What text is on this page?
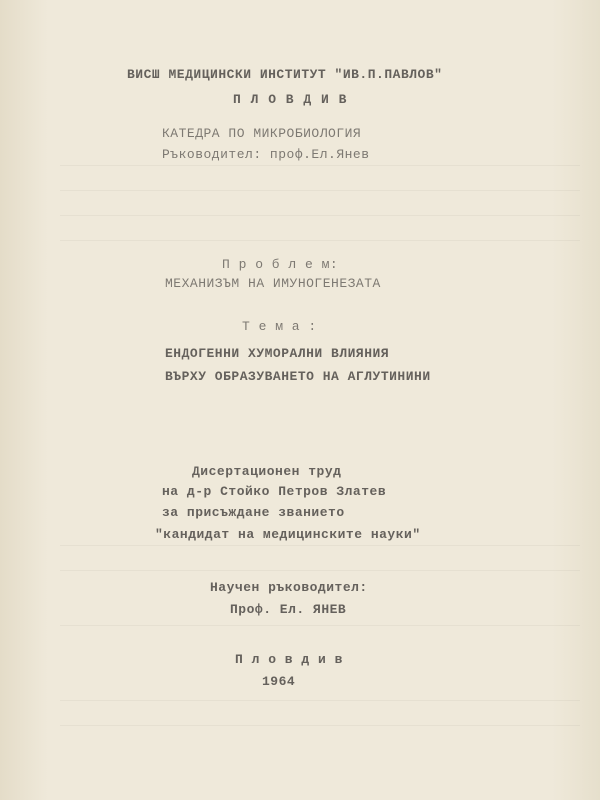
ВИСШ МЕДИЦИНСКИ ИНСТИТУТ "ИВ.П.ПАВЛОВ"
П Л О В Д И В
КАТЕДРА ПО МИКРОБИОЛОГИЯ
Ръководител: проф.Ел.Янев
П р о б л е м:
МЕХАНИЗЪМ НА ИМУНОГЕНЕЗАТА
Т е м а :
ЕНДОГЕННИ ХУМОРАЛНИ ВЛИЯНИЯ
ВЪРХУ ОБРАЗУВАНЕТО НА АГЛУТИНИНИ
Дисертационен труд
на д-р Стойко Петров Златев
за присъждане званието
"кандидат на медицинските науки"
Научен ръководител:
Проф. Ел. ЯНЕВ
П л о в д и в
1964
